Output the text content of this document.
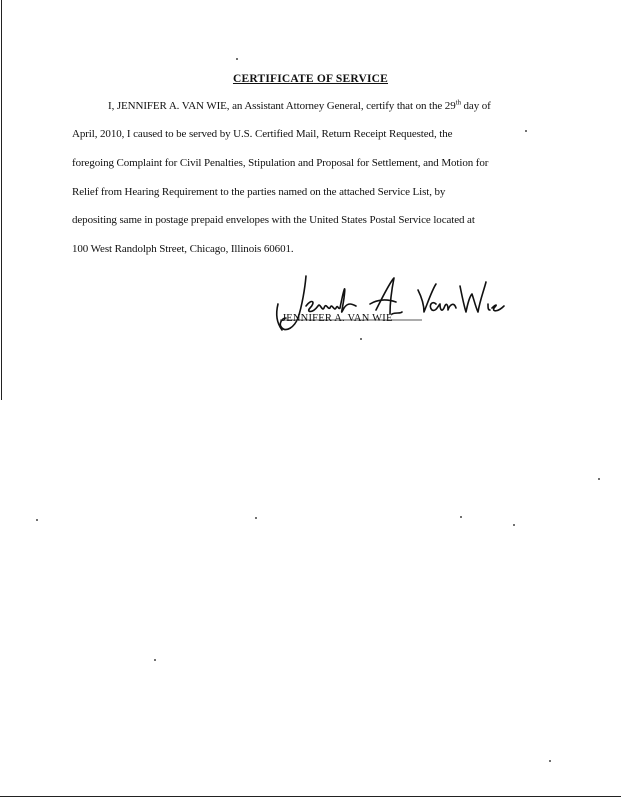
CERTIFICATE OF SERVICE
I, JENNIFER A. VAN WIE, an Assistant Attorney General, certify that on the 29th day of
April, 2010, I caused to be served by U.S. Certified Mail, Return Receipt Requested, the
foregoing Complaint for Civil Penalties, Stipulation and Proposal for Settlement, and Motion for
Relief from Hearing Requirement to the parties named on the attached Service List, by
depositing same in postage prepaid envelopes with the United States Postal Service located at
100 West Randolph Street, Chicago, Illinois 60601.
JENNIFER A. VAN WIE
